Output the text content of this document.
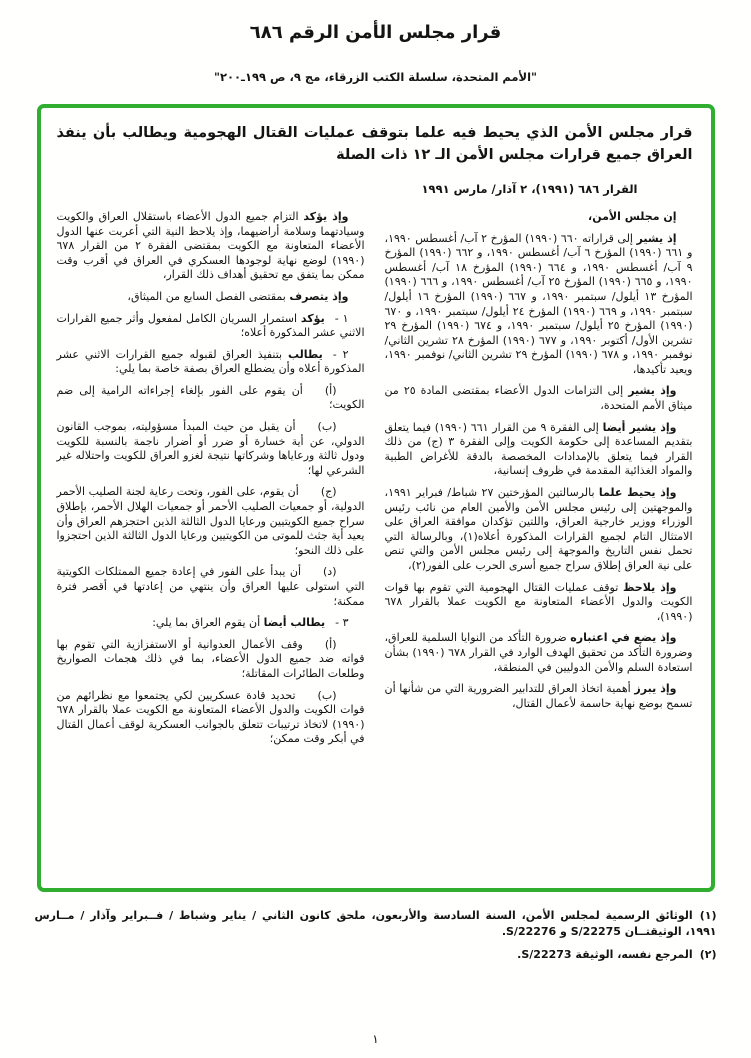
قرار مجلس الأمن الرقم ٦٨٦
"الأمم المتحدة، سلسلة الكتب الزرقاء، مج ٩، ص ١٩٩ـ٢٠٠"
قرار مجلس الأمن الذي يحيط فيه علما بتوقف عمليات القتال الهجومية ويطالب بأن ينفذ العراق جميع قرارات مجلس الأمن الـ ١٢ ذات الصلة
القرار ٦٨٦ (١٩٩١)، ٢ آذار/ مارس ١٩٩١

إن مجلس الأمن،

إذ يشير إلى قراراته ٦٦٠ (١٩٩٠) المؤرخ ٢ آب/ أغسطس ١٩٩٠، و ٦٦١ (١٩٩٠) المؤرخ ٦ آب/ أغسطس ١٩٩٠، و ٦٦٢ (١٩٩٠) المؤرخ ٩ آب/ أغسطس ١٩٩٠، و ٦٦٤ (١٩٩٠) المؤرخ ١٨ آب/ أغسطس ١٩٩٠، و ٦٦٥ (١٩٩٠) المؤرخ ٢٥ آب/ أغسطس ١٩٩٠، و ٦٦٦ (١٩٩٠) المؤرخ ١٣ أيلول/ سبتمبر ١٩٩٠، و ٦٦٧ (١٩٩٠) المؤرخ ١٦ أيلول/ سبتمبر ١٩٩٠، و ٦٦٩ (١٩٩٠) المؤرخ ٢٤ أيلول/ سبتمبر ١٩٩٠، و ٦٧٠ (١٩٩٠) المؤرخ ٢٥ أيلول/ سبتمبر ١٩٩٠، و ٦٧٤ (١٩٩٠) المؤرخ ٢٩ تشرين الأول/ أكتوبر ١٩٩٠، و ٦٧٧ (١٩٩٠) المؤرخ ٢٨ تشرين الثاني/ نوفمبر ١٩٩٠، و ٦٧٨ (١٩٩٠) المؤرخ ٢٩ تشرين الثاني/ نوفمبر ١٩٩٠، ويعيد تأكيدها،

وإذ يشير إلى التزامات الدول الأعضاء بمقتضى المادة ٢٥ من ميثاق الأمم المتحدة،

وإذ يشير أيضا إلى الفقرة ٩ من القرار ٦٦١ (١٩٩٠) فيما يتعلق بتقديم المساعدة إلى حكومة الكويت وإلى الفقرة ٣ (ج) من ذلك القرار فيما يتعلق بالإمدادات المخصصة بالدقة للأغراض الطبية والمواد الغذائية المقدمة في ظروف إنسانية،

وإذ يحيط علما بالرسالتين المؤرختين ٢٧ شباط/ فبراير ١٩٩١، والموجهتين إلى رئيس مجلس الأمن والأمين العام من نائب رئيس الوزراء ووزير خارجية العراق، واللتين تؤكدان موافقة العراق على الامتثال التام لجميع القرارات المذكورة أعلاه(١)، وبالرسالة التي تحمل نفس التاريخ والموجهة إلى رئيس مجلس الأمن والتي تنص على نية العراق إطلاق سراح جميع أسرى الحرب على الفور(٢)،

وإذ يلاحظ توقف عمليات القتال الهجومية التي تقوم بها قوات الكويت والدول الأعضاء المتعاونة مع الكويت عملا بالقرار ٦٧٨ (١٩٩٠)،

وإذ يضع في اعتباره ضرورة التأكد من النوايا السلمية للعراق، وضرورة التأكد من تحقيق الهدف الوارد في القرار ٦٧٨ (١٩٩٠) بشأن استعادة السلم والأمن الدوليين في المنطقة،

وإذ يبرز أهمية اتخاذ العراق للتدابير الضرورية التي من شأنها أن تسمح بوضع نهاية حاسمة لأعمال القتال،

وإذ يؤكد التزام جميع الدول الأعضاء باستقلال العراق والكويت وسيادتهما وسلامة أراضيهما، وإذ يلاحظ النية التي أعربت عنها الدول الأعضاء المتعاونة مع الكويت بمقتضى الفقرة ٢ من القرار ٦٧٨ (١٩٩٠) لوضع نهاية لوجودها العسكري في العراق في أقرب وقت ممكن بما يتفق مع تحقيق أهداف ذلك القرار،

وإذ يتصرف بمقتضى الفصل السابع من الميثاق،

١ -يؤكد استمرار السريان الكامل لمفعول وأثر جميع القرارات الاثني عشر المذكورة أعلاه؛

٢ -يطالب بتنفيذ العراق لقبوله جميع القرارات الاثني عشر المذكورة أعلاه وأن يضطلع العراق بصفة خاصة بما يلي:

(أ)أن يقوم على الفور بإلغاء إجراءاته الرامية إلى ضم الكويت؛

(ب)أن يقبل من حيث المبدأ مسؤوليته، بموجب القانون الدولي، عن أية خسارة أو ضرر أو أضرار ناجمة بالنسبة للكويت ودول ثالثة ورعاياها وشركاتها نتيجة لغزو العراق للكويت واحتلاله غير الشرعي لها؛

(ج)أن يقوم، على الفور، وتحت رعاية لجنة الصليب الأحمر الدولية، أو جمعيات الصليب الأحمر أو جمعيات الهلال الأحمر، بإطلاق سراح جميع الكويتيين ورعايا الدول الثالثة الذين احتجزهم العراق وأن يعيد أية جثث للموتى من الكويتيين ورعايا الدول الثالثة الذين احتجزوا على ذلك النحو؛

(د)أن يبدأ على الفور في إعادة جميع الممتلكات الكويتية التي استولى عليها العراق وأن ينتهي من إعادتها في أقصر فترة ممكنة؛

٣ -يطالب أيضا أن يقوم العراق بما يلي:

(أ)وقف الأعمال العدوانية أو الاستفزازية التي تقوم بها قواته ضد جميع الدول الأعضاء، بما في ذلك هجمات الصواريخ وطلعات الطائرات المقاتلة؛

(ب)تحديد قادة عسكريين لكي يجتمعوا مع نظرائهم من قوات الكويت والدول الأعضاء المتعاونة مع الكويت عملا بالقرار ٦٧٨ (١٩٩٠) لاتخاذ ترتيبات تتعلق بالجوانب العسكرية لوقف أعمال القتال في أبكر وقت ممكن؛

(١)الوثائق الرسمية لمجلس الأمن، السنة السادسة والأربعون، ملحق كانون الثاني / يناير وشباط / فــبراير وآذار / مــارس ١٩٩١، الوثيقتــان S/22275 و S/22276.

(٢)المرجع نفسه، الوثيقة S/22273.

١
